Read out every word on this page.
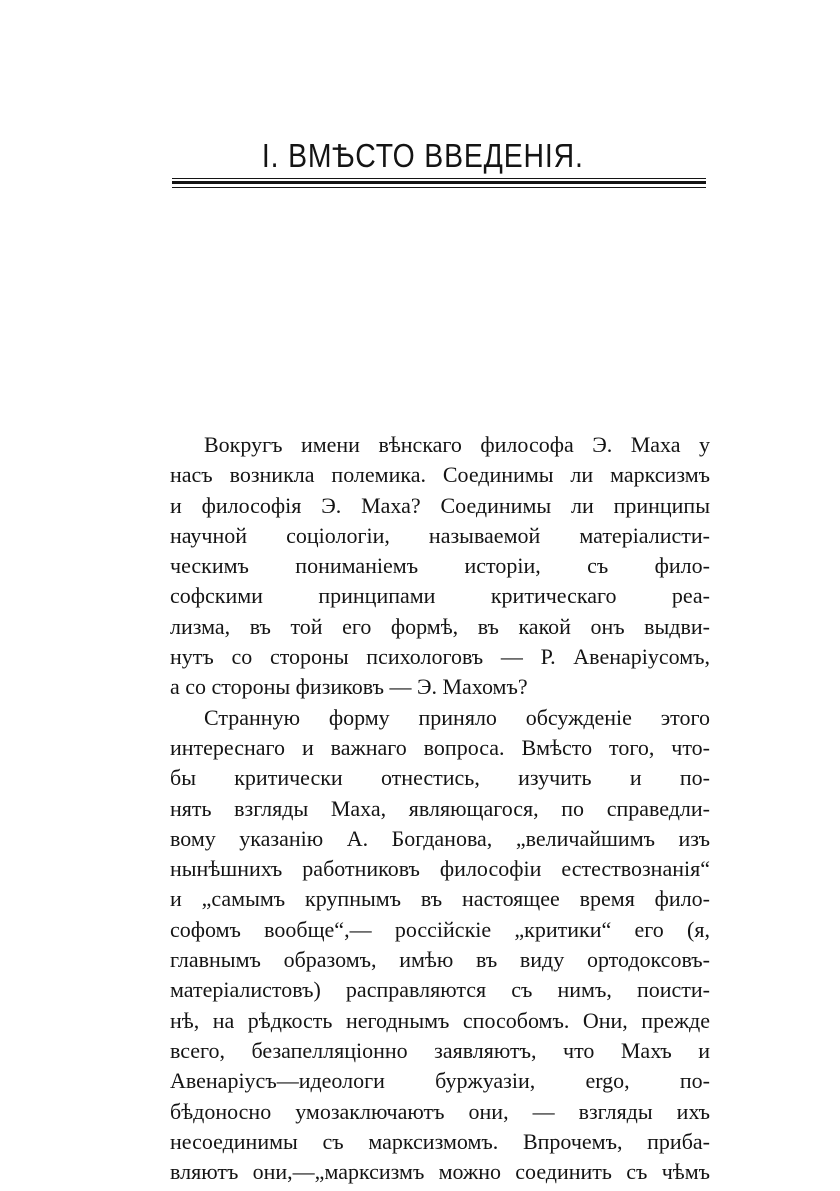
I. ВМѢСТО ВВЕДЕНІЯ.
Вокругъ имени вѣнскаго философа Э. Маха у
насъ возникла полемика. Соединимы ли марксизмъ
и философія Э. Маха? Соединимы ли принципы
научной соціологіи, называемой матеріалисти-
ческимъ пониманіемъ исторіи, съ фило-
софскими принципами критическаго реа-
лизма, въ той его формѣ, въ какой онъ выдви-
нутъ со стороны психологовъ — Р. Авенаріусомъ,
а со стороны физиковъ — Э. Махомъ?
Странную форму приняло обсужденіе этого
интереснаго и важнаго вопроса. Вмѣсто того, что-
бы критически отнестись, изучить и по-
нять взгляды Маха, являющагося, по справедли-
вому указанію А. Богданова, „величайшимъ изъ
нынѣшнихъ работниковъ философіи естествознанія“
и „самымъ крупнымъ въ настоящее время фило-
софомъ вообще“,— россійскіе „критики“ его (я,
главнымъ образомъ, имѣю въ виду ортодоксовъ-
матеріалистовъ) расправляются съ нимъ, поисти-
нѣ, на рѣдкость негоднымъ способомъ. Они, прежде
всего, безапелляціонно заявляютъ, что Махъ и
Авенаріусъ—идеологи буржуазіи, ergo, по-
бѣдоносно умозаключаютъ они, — взгляды ихъ
несоединимы съ марксизмомъ. Впрочемъ, приба-
вляютъ они,—„марксизмъ можно соединить съ чѣмъ
